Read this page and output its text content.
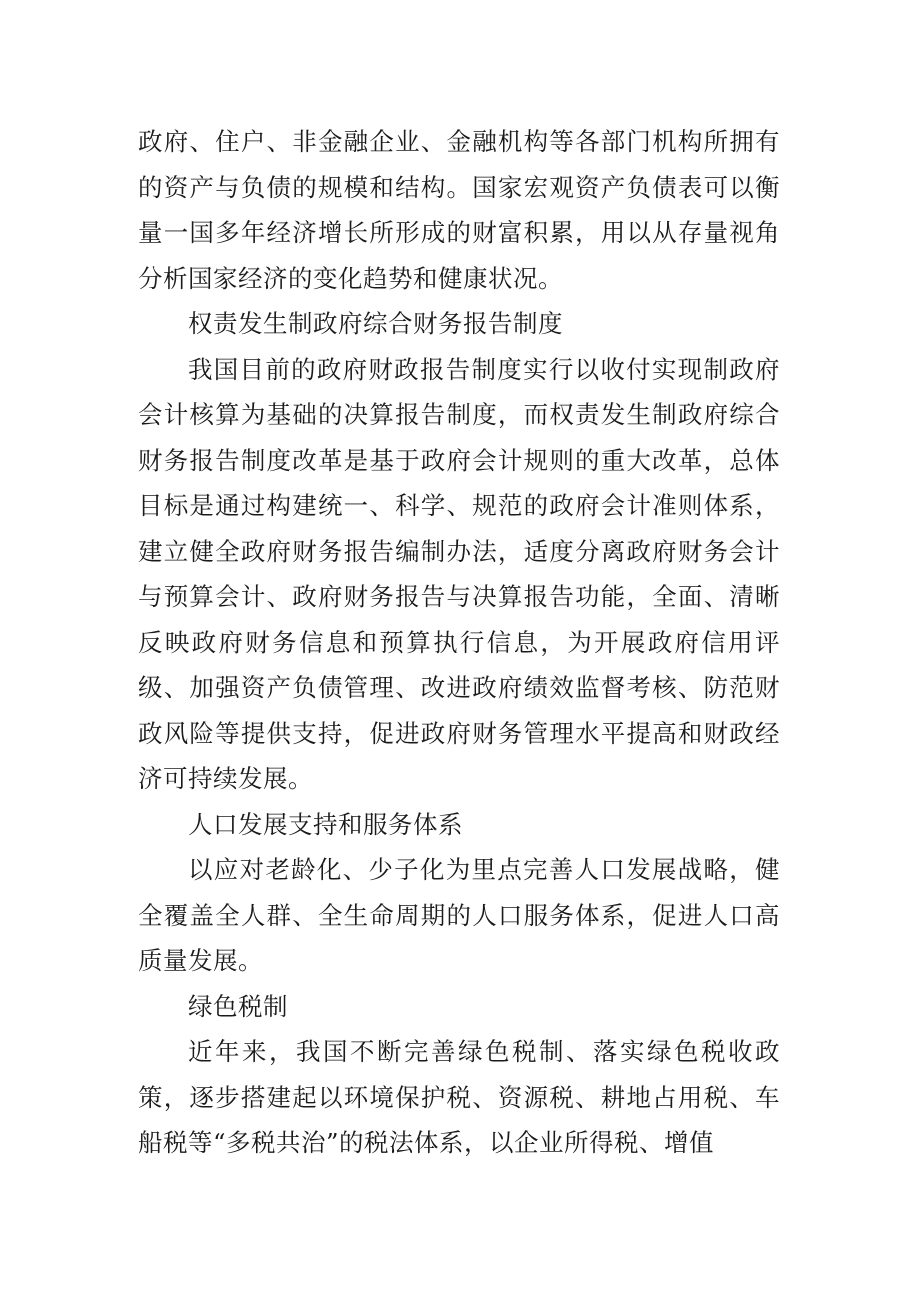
政府、住户、非金融企业、金融机构等各部门机构所拥有的资产与负债的规模和结构。国家宏观资产负债表可以衡量一国多年经济增长所形成的财富积累，用以从存量视角分析国家经济的变化趋势和健康状况。

权责发生制政府综合财务报告制度

我国目前的政府财政报告制度实行以收付实现制政府会计核算为基础的决算报告制度，而权责发生制政府综合财务报告制度改革是基于政府会计规则的重大改革，总体目标是通过构建统一、科学、规范的政府会计准则体系，建立健全政府财务报告编制办法，适度分离政府财务会计与预算会计、政府财务报告与决算报告功能，全面、清晰反映政府财务信息和预算执行信息，为开展政府信用评级、加强资产负债管理、改进政府绩效监督考核、防范财政风险等提供支持，促进政府财务管理水平提高和财政经济可持续发展。

人口发展支持和服务体系

以应对老龄化、少子化为里点完善人口发展战略，健全覆盖全人群、全生命周期的人口服务体系，促进人口高质量发展。

绿色税制

近年来，我国不断完善绿色税制、落实绿色税收政策，逐步搭建起以环境保护税、资源税、耕地占用税、车船税等“多税共治”的税法体系，以企业所得税、增值
